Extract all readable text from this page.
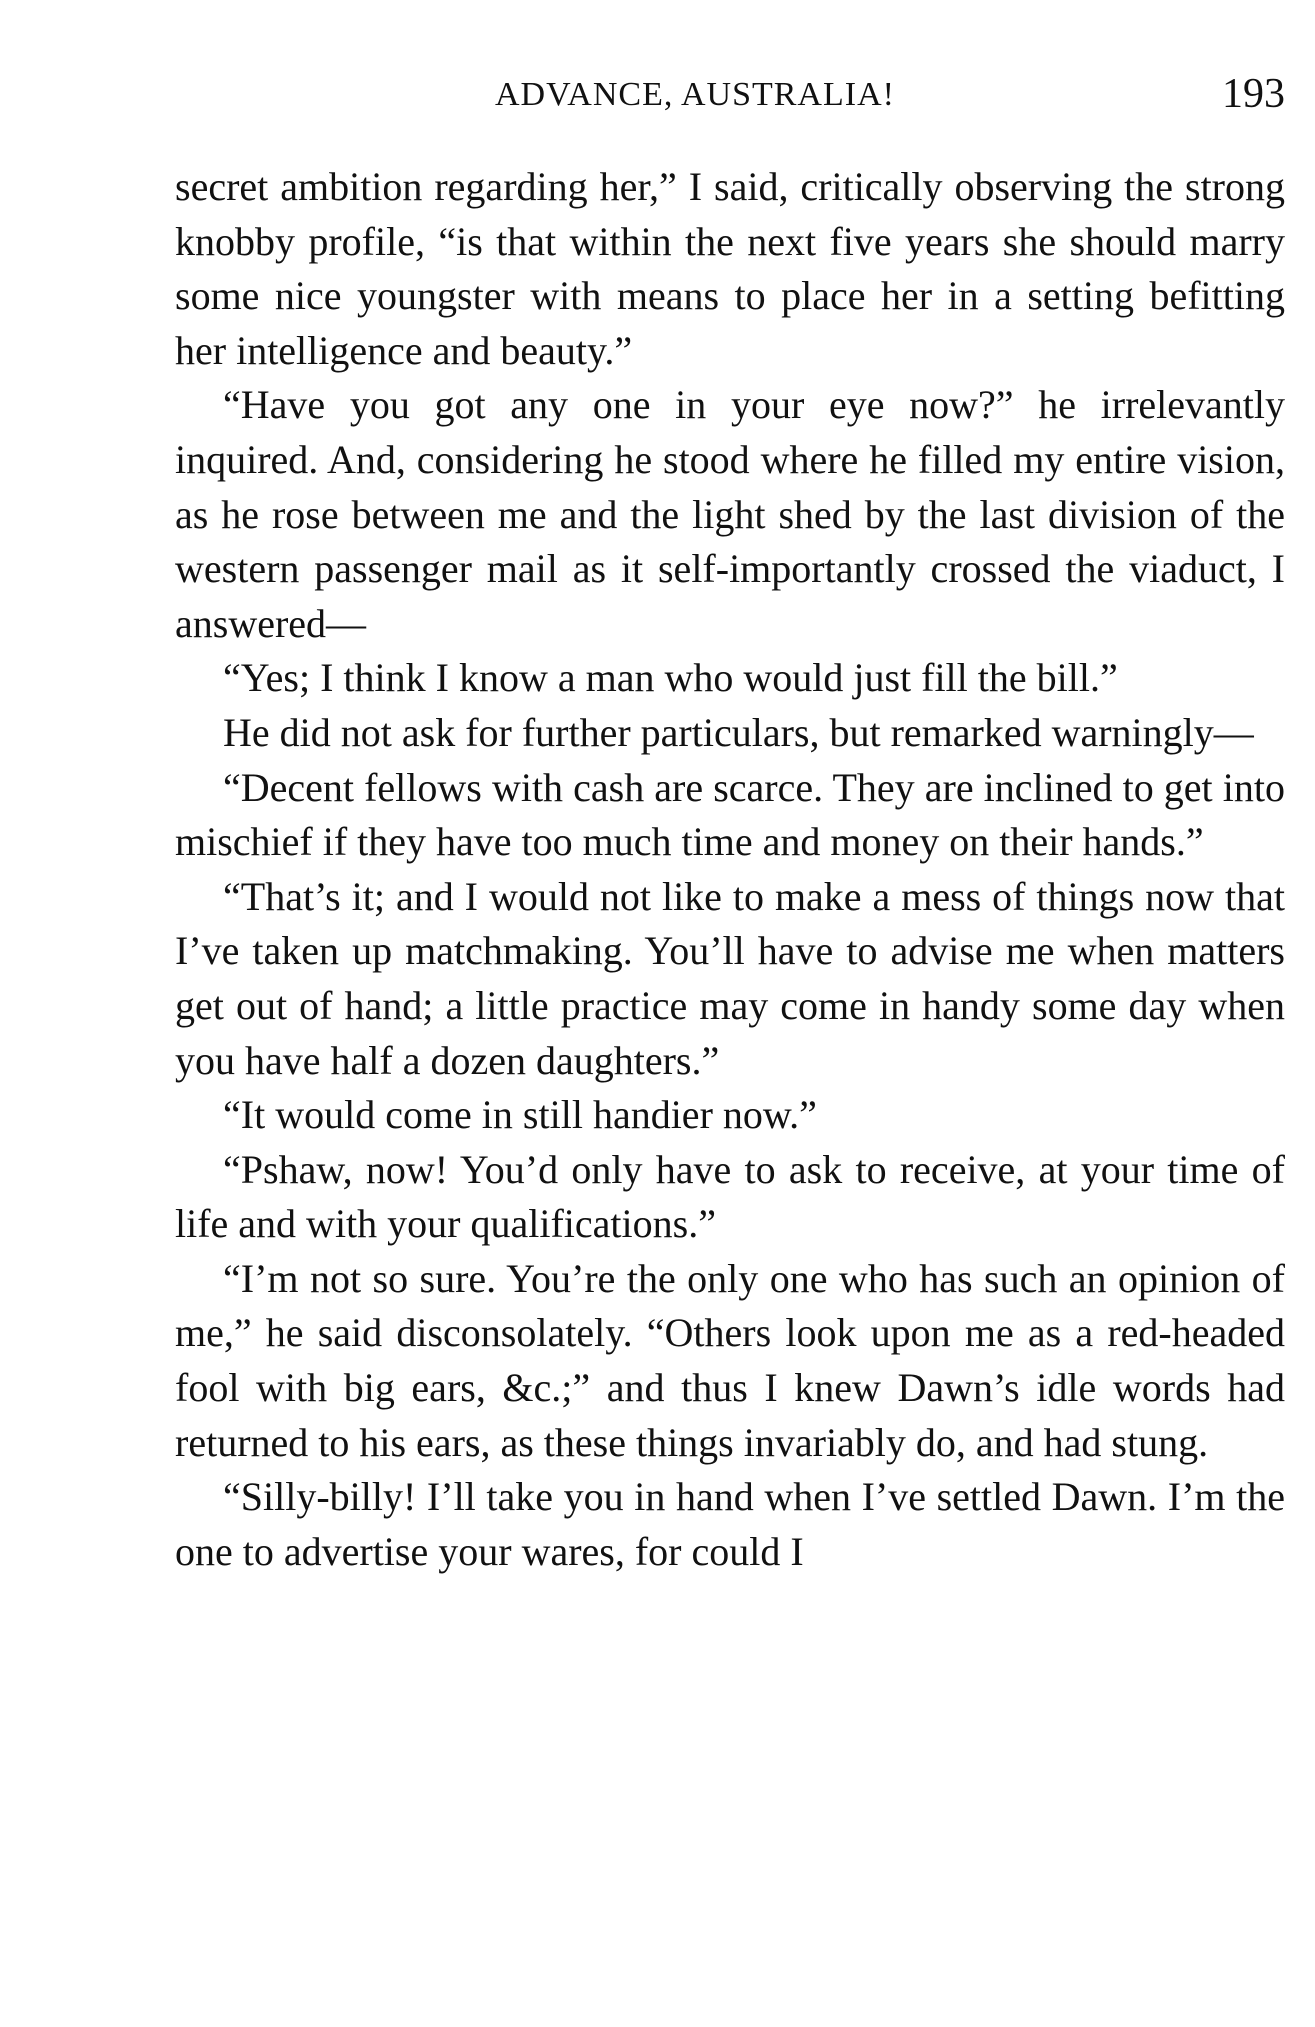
ADVANCE, AUSTRALIA!	193

secret ambition regarding her,” I said, critically observing the strong knobby profile, “is that within the next five years she should marry some nice youngster with means to place her in a setting befitting her intelligence and beauty.”

“Have you got any one in your eye now?” he irrelevantly inquired. And, considering he stood where he filled my entire vision, as he rose between me and the light shed by the last division of the western passenger mail as it self-importantly crossed the viaduct, I answered—

“Yes; I think I know a man who would just fill the bill.”

He did not ask for further particulars, but remarked warningly—

“Decent fellows with cash are scarce. They are inclined to get into mischief if they have too much time and money on their hands.”

“That’s it; and I would not like to make a mess of things now that I’ve taken up matchmaking. You’ll have to advise me when matters get out of hand; a little practice may come in handy some day when you have half a dozen daughters.”

“It would come in still handier now.”

“Pshaw, now! You’d only have to ask to receive, at your time of life and with your qualifications.”

“I’m not so sure. You’re the only one who has such an opinion of me,” he said disconsolately. “Others look upon me as a red-headed fool with big ears, &c.;” and thus I knew Dawn’s idle words had returned to his ears, as these things invariably do, and had stung.

“Silly-billy! I’ll take you in hand when I’ve settled Dawn. I’m the one to advertise your wares, for could I
